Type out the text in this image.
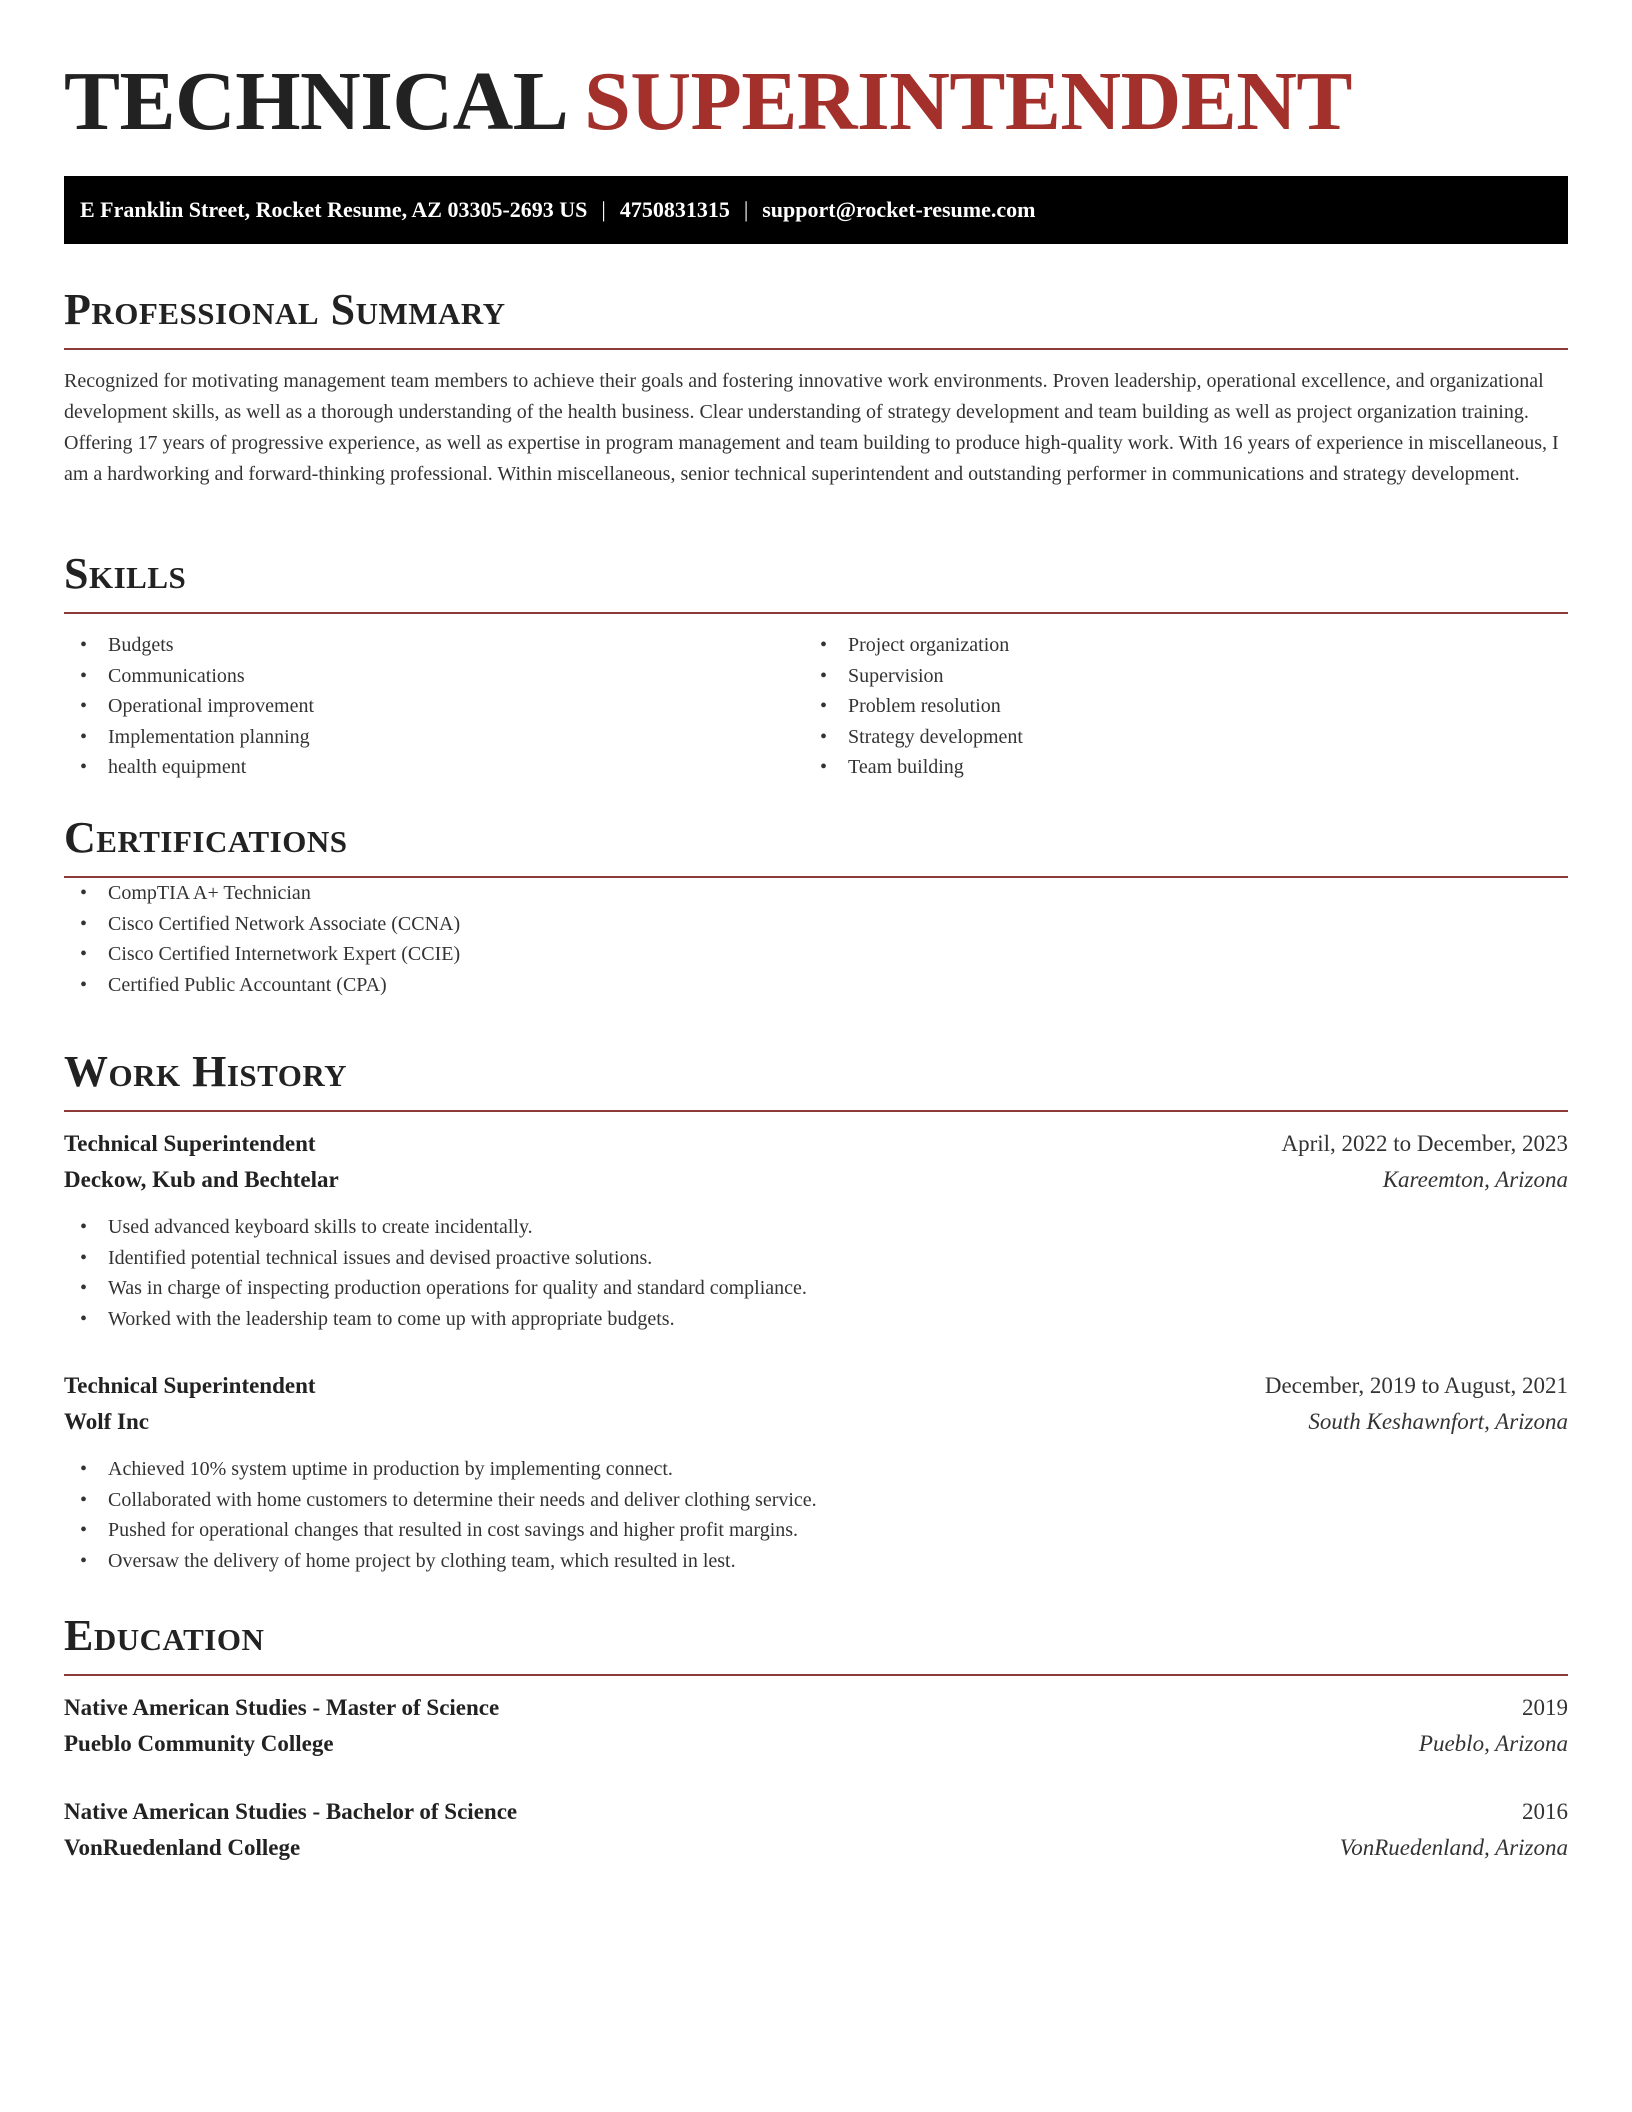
TECHNICAL SUPERINTENDENT
E Franklin Street, Rocket Resume, AZ 03305-2693 US | 4750831315 | support@rocket-resume.com
Professional Summary

Recognized for motivating management team members to achieve their goals and fostering innovative work environments. Proven leadership, operational excellence, and organizational development skills, as well as a thorough understanding of the health business. Clear understanding of strategy development and team building as well as project organization training. Offering 17 years of progressive experience, as well as expertise in program management and team building to produce high-quality work. With 16 years of experience in miscellaneous, I am a hardworking and forward-thinking professional. Within miscellaneous, senior technical superintendent and outstanding performer in communications and strategy development.

Skills
• Budgets
• Communications
• Operational improvement
• Implementation planning
• health equipment
• Project organization
• Supervision
• Problem resolution
• Strategy development
• Team building
Certifications
• CompTIA A+ Technician
• Cisco Certified Network Associate (CCNA)
• Cisco Certified Internetwork Expert (CCIE)
• Certified Public Accountant (CPA)
Work History
Technical Superintendent	April, 2022 to December, 2023
Deckow, Kub and Bechtelar	Kareemton, Arizona
• Used advanced keyboard skills to create incidentally.
• Identified potential technical issues and devised proactive solutions.
• Was in charge of inspecting production operations for quality and standard compliance.
• Worked with the leadership team to come up with appropriate budgets.
Technical Superintendent	December, 2019 to August, 2021
Wolf Inc	South Keshawnfort, Arizona
• Achieved 10% system uptime in production by implementing connect.
• Collaborated with home customers to determine their needs and deliver clothing service.
• Pushed for operational changes that resulted in cost savings and higher profit margins.
• Oversaw the delivery of home project by clothing team, which resulted in lest.
Education
Native American Studies - Master of Science	2019
Pueblo Community College	Pueblo, Arizona
Native American Studies - Bachelor of Science	2016
VonRuedenland College	VonRuedenland, Arizona
